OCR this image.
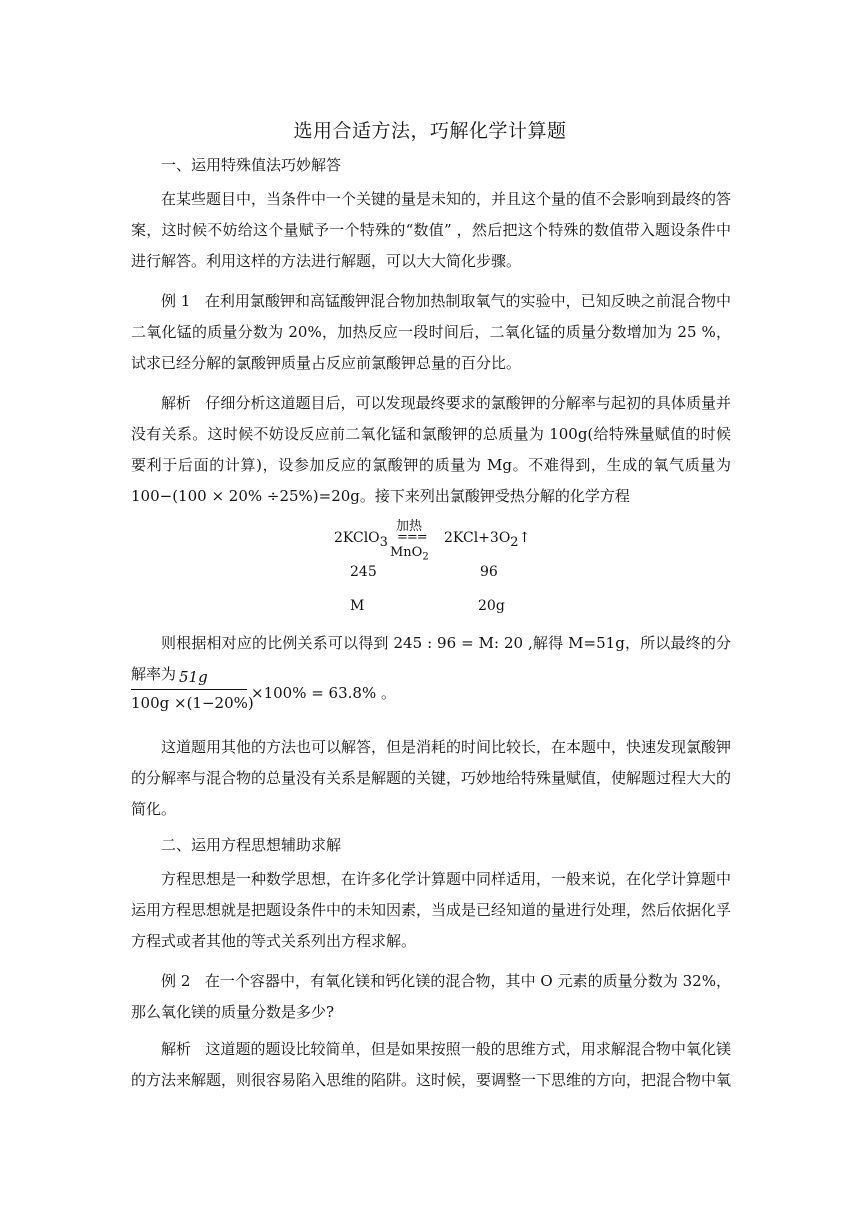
选用合适方法，巧解化学计算题
一、运用特殊值法巧妙解答

在某些题目中，当条件中一个关键的量是未知的，并且这个量的值不会影响到最终的答案，这时候不妨给这个量赋予一个特殊的“数值” ，然后把这个特殊的数值带入题设条件中进行解答。利用这样的方法进行解题，可以大大简化步骤。

例 1 在利用氯酸钾和高锰酸钾混合物加热制取氧气的实验中，已知反映之前混合物中二氧化锰的质量分数为 20%，加热反应一段时间后，二氧化锰的质量分数增加为 25 %，试求已经分解的氯酸钾质量占反应前氯酸钾总量的百分比。

解析 仔细分析这道题目后，可以发现最终要求的氯酸钾的分解率与起初的具体质量并没有关系。这时候不妨设反应前二氧化锰和氯酸钾的总质量为 100g(给特殊量赋值的时候要利于后面的计算)，设参加反应的氯酸钾的质量为 Mg。不难得到，生成的氧气质量为 100−(100 × 20% ÷25%)=20g。接下来列出氯酸钾受热分解的化学方程

2KClO$_3$
加热
===
MnO$_2$
$2KCl+3O_2↑$
245	96
M	20g

则根据相对应的比例关系可以得到 245 : 96 = M: 20 ,解得 M=51g，所以最终的分解率为 51g
100g ×(1−20%)
×100% = 63.8% 。

这道题用其他的方法也可以解答，但是消耗的时间比较长，在本题中，快速发现氯酸钾的分解率与混合物的总量没有关系是解题的关键，巧妙地给特殊量赋值，使解题过程大大的简化。

二、运用方程思想辅助求解

方程思想是一种数学思想，在许多化学计算题中同样适用，一般来说，在化学计算题中运用方程思想就是把题设条件中的未知因素，当成是已经知道的量进行处理，然后依据化孚方程式或者其他的等式关系列出方程求解。

例 2 在一个容器中，有氧化镁和钙化镁的混合物，其中 O 元素的质量分数为 32%，那么氧化镁的质量分数是多少?

解析 这道题的题设比较简单，但是如果按照一般的思维方式，用求解混合物中氧化镁的方法来解题，则很容易陷入思维的陷阱。这时候，要调整一下思维的方向，把混合物中氧
